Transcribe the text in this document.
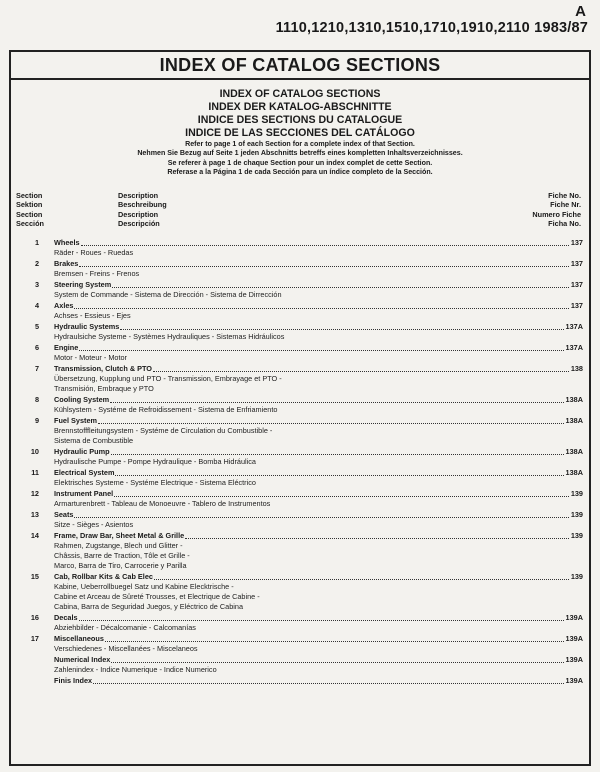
A
1110,1210,1310,1510,1710,1910,2110 1983/87
INDEX OF CATALOG SECTIONS
INDEX OF CATALOG SECTIONS
INDEX DER KATALOG-ABSCHNITTE
INDICE DES SECTIONS DU CATALOGUE
INDICE DE LAS SECCIONES DEL CATÁLOGO
Refer to page 1 of each Section for a complete index of that Section.
Nehmen Sie Bezug auf Seite 1 jeden Abschnitts betreffs eines kompletten Inhaltsverzeichnisses.
Se referer à page 1 de chaque Section pour un index complet de cette Section.
Referase a la Página 1 de cada Sección para un índice completo de la Sección.
Section
Sektion
Section
Sección
Description
Beschreibung
Description
Descripción
Fiche No.
Fiche Nr.
Numero Fiche
Ficha No.
1 Wheels	137
Räder - Roues - Ruedas
2 Brakes	137
Bremsen - Freins - Frenos
3 Steering System	137
System de Commande - Sistema de Dirección - Sistema de Dirrección
4 Axles	137
Achses - Essieus - Ejes
5 Hydraulic Systems	137A
Hydraulsiche Systeme - Systèmes Hydrauliques - Sistemas Hidráulicos
6 Engine	137A
Motor - Moteur - Motor
7 Transmission, Clutch & PTO	138
Übersetzung, Kupplung und PTO - Transmission, Embrayage et PTO -
Transmisión, Embraque y PTO
8 Cooling System	138A
Kühlsystem - Systéme de Refroidissement - Sistema de Enfriamiento
9 Fuel System	138A
Brennstofffleitungsystem - Systéme de Circulation du Combustible -
Sistema de Combustible
10 Hydraulic Pump	138A
Hydraulische Pumpe - Pompe Hydraulique - Bomba Hidráulica
11 Electrical System	138A
Elektrisches Systeme - Systéme Electrique - Sistema Eléctrico
12 Instrument Panel	139
Armarturenbrett - Tableau de Monoeuvre - Tablero de Instrumentos
13 Seats	139
Sitze - Sièges - Asientos
14 Frame, Draw Bar, Sheet Metal & Grille	139
Rahmen, Zugstange, Blech und Glitter -
Châssis, Barre de Traction, Tôle et Grille -
Marco, Barra de Tiro, Carrocerie y Parilla
15 Cab, Rollbar Kits & Cab Elec	139
Kabine, Ueberrollbuegel Satz und Kabine Elecktrische -
Cabine et Arceau de Sûreté Trousses, et Electrique de Cabine -
Cabina, Barra de Seguridad Juegos, y Eléctrico de Cabina
16 Decals	139A
Abziehbilder - Décalcomanie - Calcomanías
17 Miscellaneous	139A
Verschiedenes - Miscellanées - Miscelaneos
Numerical Index	139A
Zahlenindex - Indice Numerique - Indice Numerico
Finis Index	139A
